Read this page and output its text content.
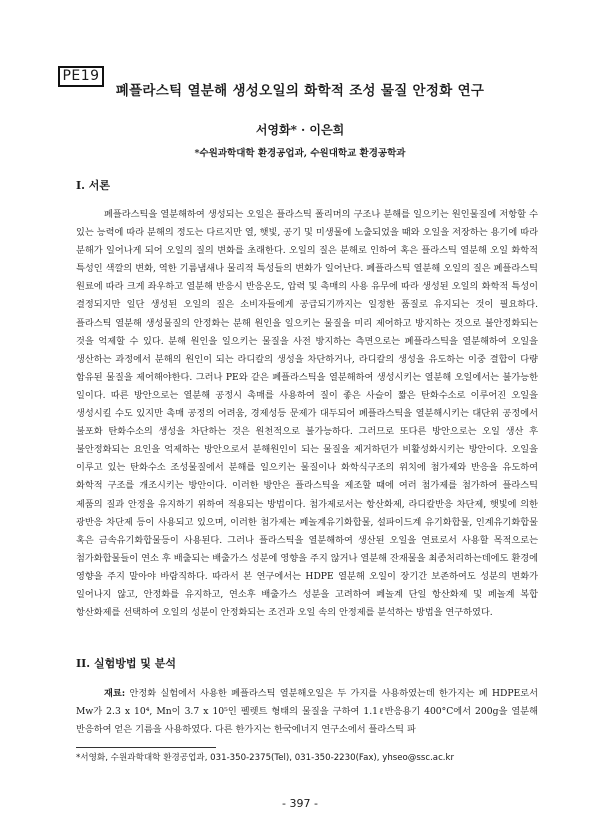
PE19
폐플라스틱 열분해 생성오일의 화학적 조성 물질 안정화 연구
서영화* · 이은희
*수원과학대학 환경공업과, 수원대학교 환경공학과
I. 서론

폐플라스틱을 열분해하여 생성되는 오일은 플라스틱 폴리머의 구조나 분해를 일으키는 원인물질에 저항할 수 있는 능력에 따라 분해의 정도는 다르지만 열, 햇빛, 공기 및 미생물에 노출되었을 때와 오일을 저장하는 용기에 따라 분해가 일어나게 되어 오일의 질의 변화를 초래한다. 오일의 질은 분해로 인하여 혹은 플라스틱 열분해 오일 화학적 특성인 색깔의 변화, 역한 기름냄새나 물리적 특성들의 변화가 일어난다. 폐플라스틱 열분해 오일의 질은 폐플라스틱 원료에 따라 크게 좌우하고 열분해 반응시 반응온도, 압력 및 촉매의 사용 유무에 따라 생성된 오일의 화학적 특성이 결정되지만 일단 생성된 오일의 질은 소비자들에게 공급되기까지는 일정한 품질로 유지되는 것이 필요하다. 플라스틱 열분해 생성물질의 안정화는 분해 원인을 일으키는 물질을 미리 제어하고 방지하는 것으로 불안정화되는 것을 억제할 수 있다. 분해 원인을 일으키는 물질을 사전 방지하는 측면으로는 폐플라스틱을 열분해하여 오일을 생산하는 과정에서 분해의 원인이 되는 라디칼의 생성을 차단하거나, 라디칼의 생성을 유도하는 이중 결합이 다량 함유된 물질을 제어해야한다. 그러나 PE와 같은 폐플라스틱을 열분해하여 생성시키는 열분해 오일에서는 불가능한 일이다. 따른 방안으로는 열분해 공정시 촉매를 사용하여 질이 좋은 사슬이 짧은 탄화수소로 이루어진 오일을 생성시킬 수도 있지만 촉매 공정의 어려움, 경제성등 문제가 대두되어 폐플라스틱을 열분해시키는 대단위 공정에서 불포화 탄화수소의 생성을 차단하는 것은 원천적으로 불가능하다. 그러므로 또다른 방안으로는 오일 생산 후 불안정화되는 요인을 억제하는 방안으로서 분해원인이 되는 물질을 제거하던가 비활성화시키는 방안이다. 오일을 이루고 있는 탄화수소 조성물질에서 분해를 일으키는 물질이나 화학식구조의 위치에 첨가제와 반응을 유도하여 화학적 구조를 개조시키는 방안이다. 이러한 방안은 플라스틱을 제조할 때에 여러 첨가제를 첨가하여 플라스틱 제품의 질과 안정을 유지하기 위하여 적용되는 방법이다. 첨가제로서는 항산화제, 라디칼반응 차단제, 햇빛에 의한 광반응 차단제 등이 사용되고 있으며, 이러한 첨가제는 페놀계유기화합물, 설파이드계 유기화합물, 인계유기화합물 혹은 금속유기화합물등이 사용된다. 그러나 플라스틱을 열분해하여 생산된 오일을 연료로서 사용할 목적으로는 첨가화합물들이 연소 후 배출되는 배출가스 성분에 영향을 주지 않거나 열분해 잔재물을 최종처리하는데에도 환경에 영향을 주지 말아야 바람직하다. 따라서 본 연구에서는 HDPE 열분해 오일이 장기간 보존하여도 성분의 변화가 일어나지 않고, 안정화를 유지하고, 연소후 배출가스 성분을 고려하여 페놀계 단일 항산화제 및 페놀계 복합 항산화제를 선택하여 오일의 성분이 안정화되는 조건과 오일 속의 안정제를 분석하는 방법을 연구하였다.

II. 실험방법 및 분석

재료: 안정화 실험에서 사용한 폐플라스틱 열분해오일은 두 가지를 사용하였는데 한가지는 폐 HDPE로서 Mw가 2.3 x 10⁴, Mn이 3.7 x 10⁵인 펠렛트 형태의 물질을 구하여 1.1ℓ반응용기 400°C에서 200g을 열분해 반응하여 얻은 기름을 사용하였다. 다른 한가지는 한국에너지 연구소에서 플라스틱 파

*서영화, 수원과학대학 환경공업과, 031-350-2375(Tel), 031-350-2230(Fax), yhseo@ssc.ac.kr
- 397 -
